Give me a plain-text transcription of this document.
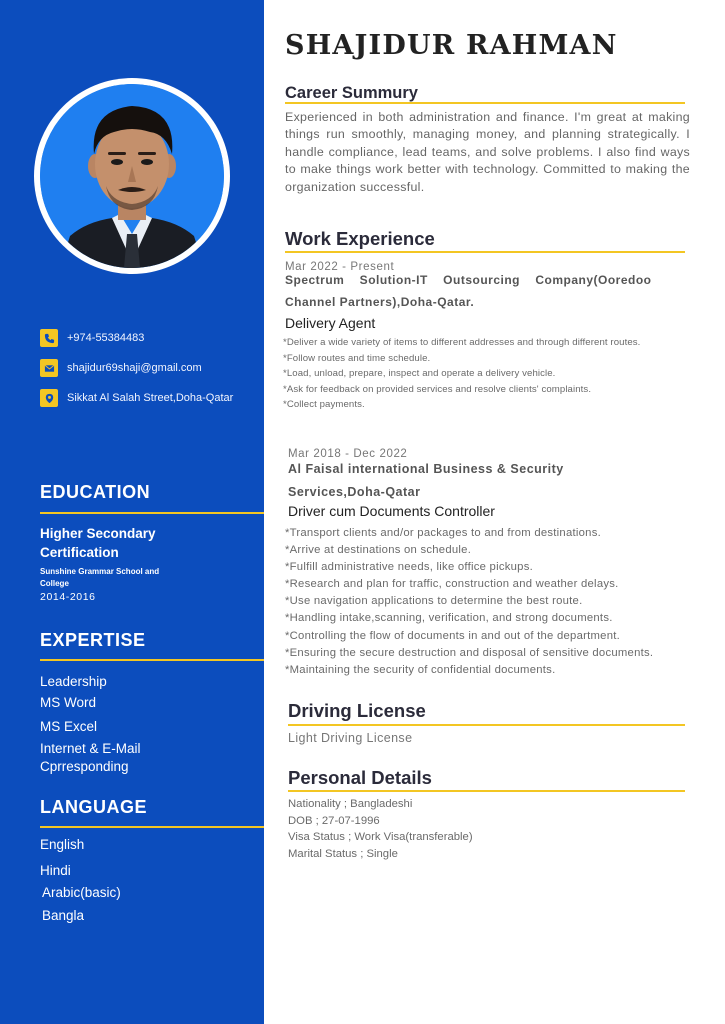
+974-55384483
shajidur69shaji@gmail.com
Sikkat Al Salah Street,Doha-Qatar
EDUCATION
Higher Secondary
Certification
Sunshine Grammar School and
College
2014-2016
EXPERTISE
Leadership
MS Word
MS Excel
Internet & E-Mail
Cprresponding
LANGUAGE
English
Hindi
Arabic(basic)
Bangla
SHAJIDUR RAHMAN
Career Summury
Experienced in both administration and finance. I'm great at making things run smoothly, managing money, and planning strategically. I handle compliance, lead teams, and solve problems. I also find ways to make things work better with technology. Committed to making the organization successful.
Work Experience
Mar 2022 - Present
Spectrum    Solution-IT    Outsourcing    Company(Ooredoo
Channel Partners),Doha-Qatar.
Delivery Agent
*Deliver a wide variety of items to different addresses and through different routes.
*Follow routes and time schedule.
*Load, unload, prepare, inspect and operate a delivery vehicle.
*Ask for feedback on provided services and resolve clients' complaints.
*Collect payments.
Mar 2018 - Dec 2022
Al Faisal international Business & Security
Services,Doha-Qatar
Driver cum Documents Controller
*Transport clients and/or packages to and from destinations.
*Arrive at destinations on schedule.
*Fulfill administrative needs, like office pickups.
*Research and plan for traffic, construction and weather delays.
*Use navigation applications to determine the best route.
*Handling intake,scanning, verification, and strong documents.
*Controlling the flow of documents in and out of the department.
*Ensuring the secure destruction and disposal of sensitive documents.
*Maintaining the security of confidential documents.
Driving License
Light Driving License
Personal Details
Nationality ; Bangladeshi
DOB ; 27-07-1996
Visa Status ; Work Visa(transferable)
Marital Status ; Single
